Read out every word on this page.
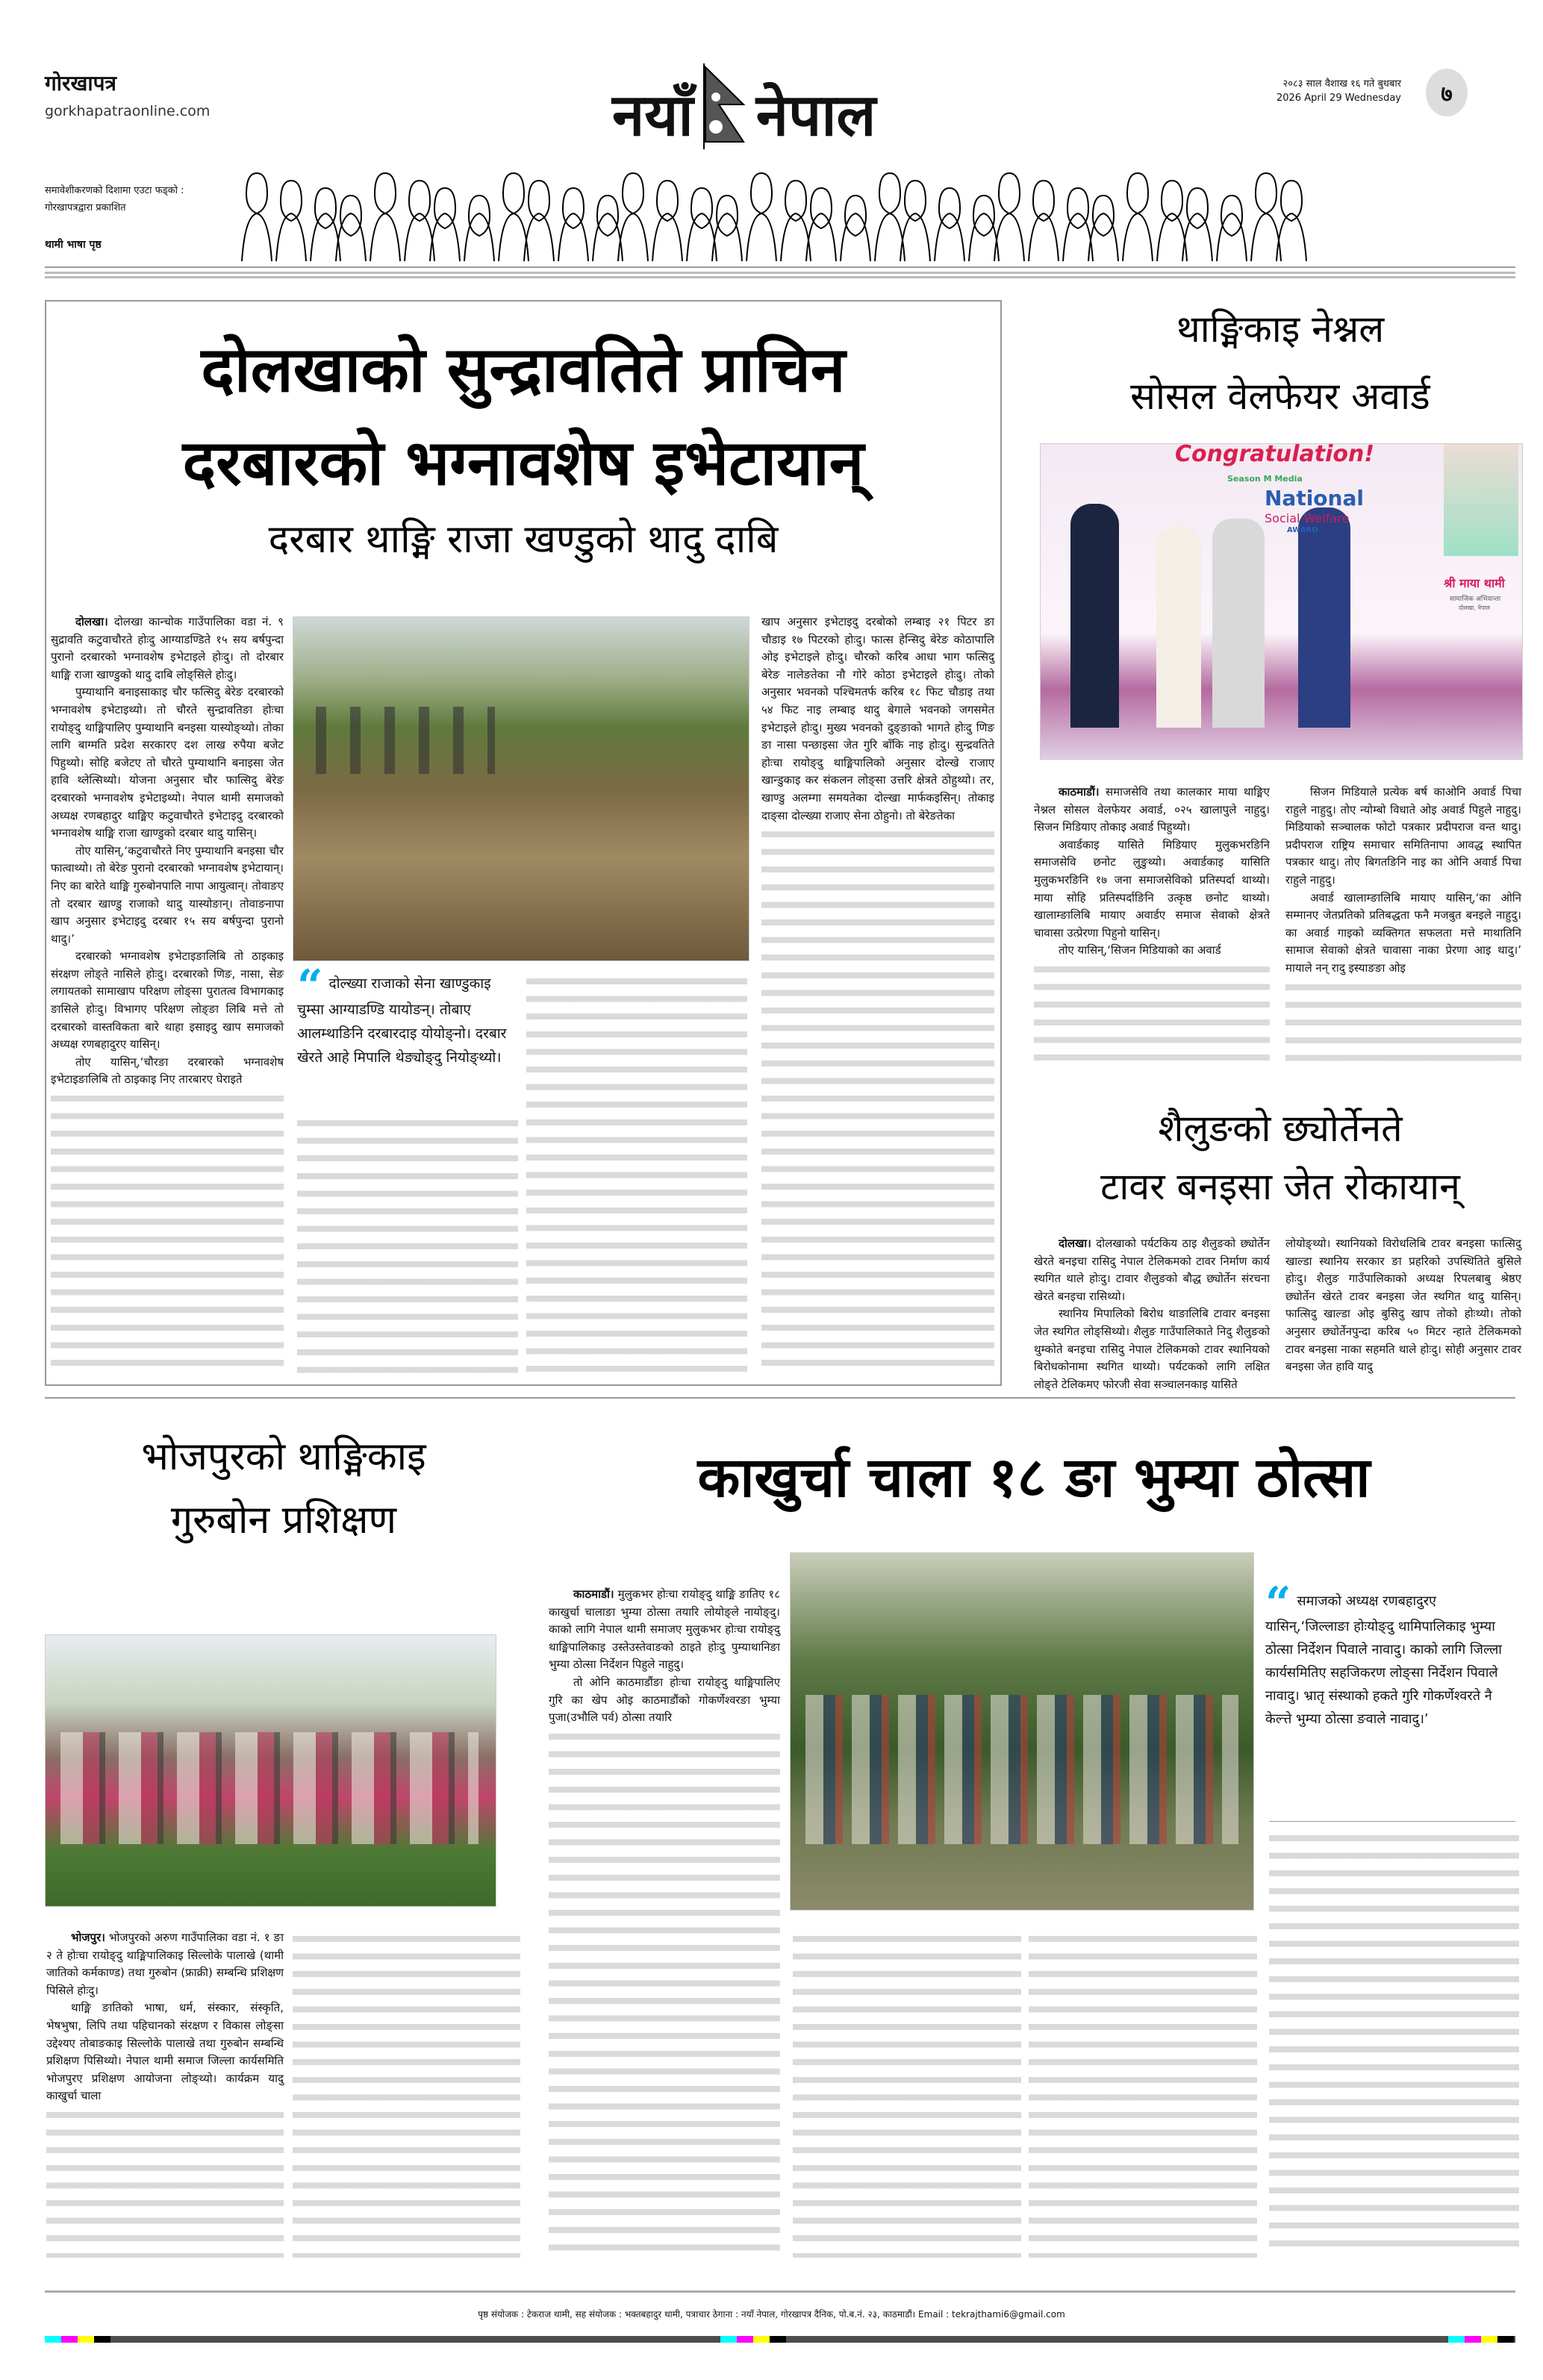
गोरखापत्र
gorkhapatraonline.com	नयाँ नेपाल	२०८३ साल वैशाख १६ गते बुधबार
2026 April 29 Wednesday ७
समावेशीकरणको दिशामा एउटा फड्को :
गोरखापत्रद्वारा प्रकाशित
थामी भाषा पृष्ठ
दोलखाको सुन्द्रावतिते प्राचिन
दरबारको भग्नावशेष इभेटायान्
दरबार थाङ्मि राजा खण्डुको थादु दाबि

दोलखा। दोलखा कान्चोक गाउँपालिका वडा नं. ९ सुद्रावति कटुवाचौरते होःदु आग्याडण्डिते १५ सय बर्षपुन्दा पुरानो दरबारको भग्नावशेष इभेटाइले होःदु। तो दोरबार थाङ्मि राजा खाण्डुको थादु दाबि लोङ्सिले होःदु।

पुम्याथानि बनाइसाकाइ चौर फत्सिदु बेरेङ दरबारको भग्नावशेष इभेटाइथ्यो। तो चौरते सुन्द्रावतिङा होःचा रायोङ्दु थाङ्मिपालिए पुम्याथानि बनइसा यास्योङ्थ्यो। तोका लागि बाग्मति प्रदेश सरकारए दश लाख रुपैया बजेट पिहुथ्यो। सोहि बजेटए तो चौरते पुम्याथानि बनाइसा जेत हावि थ्लेत्सिथ्यो। योजना अनुसार चौर फात्सिदु बेरेङ दरबारको भग्नावशेष इभेटाइथ्यो। नेपाल थामी समाजको अध्यक्ष रणबहादुर थाङ्मिए कटुवाचौरते इभेटाइदु दरबारको भग्नावशेष थाङ्मि राजा खाण्डुको दरबार थादु यासिन्।

तोए यासिन्,‘कटुवाचौरते निए पुम्याथानि बनइसा चौर फात्वाथ्यो। तो बेरेङ पुरानो दरबारको भग्नावशेष इभेटायान्। निए का बारेते थाङ्मि गुरुबोनपालि नापा आयुत्वान्। तोवाङए तो दरबार खाण्डु राजाको थादु यास्योङान्। तोवाङनापा खाप अनुसार इभेटाइदु दरबार १५ सय बर्षपुन्दा पुरानो थादु।’

दरबारको भग्नावशेष इभेटाइङालिबि तो ठाइकाइ संरक्षण लोङ्ते नासिले होःदु। दरबारको णिङ, नासा, सेङ लगायतको सामाखाप परिक्षण लोङ्सा पुरातत्व विभागकाइ ङासिले होःदु। विभागए परिक्षण लोङ्ङा लिबि मत्ते तो दरबारको वास्तविकता बारे थाहा इसाइदु खाप समाजको अध्यक्ष रणबहादुरए यासिन्।

तोए यासिन्,‘चौरङा दरबारको भग्नावशेष इभेटाइङालिबि तो ठाइकाइ निए तारबारए घेराइते

“ दोल्ख्या राजाको सेना खाण्डुकाइ चुम्सा आग्याडण्डि यायोङन्। तोबाए आलम्थाङिनि दरबारदाइ योयोङ्नो। दरबार खेरते आहे मिपालि थेङ्योङ्दु नियोङ्थ्यो।

खाप अनुसार इभेटाइदु दरबोको लम्बाइ २१ पिटर ङा चौडाइ १७ पिटरको होःदु। फात्स हेन्सिदु बेरेङ कोठापालि ओइ इभेटाइले होःदु। चौरको करिब आधा भाग फत्सिदु बेरेङ नालेङतेका नौ गोरे कोठा इभेटाइले होःदु। तोको अनुसार भवनको पश्चिमतर्फ करिब १८ फिट चौडाइ तथा ५४ फिट नाइ लम्बाइ थादु बेगाले भवनको जगसमेत इभेटाइले होःदु। मुख्य भवनको दुङ्ङाको भागते होःदु णिङ ङा नासा पन्छाइसा जेत गुरि बाँकि नाइ होःदु। सुन्द्रवतिते होःचा रायोङ्दु थाङ्मिपालिको अनुसार दोल्खे राजाए खान्डुकाइ कर संकलन लोङ्सा उत्तरि क्षेत्रते ठोहुथ्यो। तर, खाण्डु अलम्गा समयतेका दोल्खा मार्फकइसिन्। तोकाइ दाङ्सा दोल्ख्या राजाए सेना ठोहुनो। तो बेरेङतेका

थाङ्मिकाइ नेश्नल
सोसल वेलफेयर अवार्ड
Congratulation!
Season M Media
National
Social Welfare
AWARD
श्री माया थामी
सामाजिक अभियान्ता
दोलखा, नेपाल

काठमाडौं। समाजसेवि तथा कालकार माया थाङ्मिए नेश्नल सोसल वेलफेयर अवार्ड, ०२५ खालापुले नाहुदु। सिजन मिडियाए तोकाइ अवार्ड पिहुथ्यो।

अवार्डकाइ यासिते मिडियाए मुलुकभरङिनि समाजसेवि छनोट लुङुथ्यो। अवार्डकाइ यासिति मुलुकभरङिनि १७ जना समाजसेविको प्रतिस्पर्दा थाथ्यो। माया सोहि प्रतिस्पर्दाङिनि उत्कृष्ठ छनोट थाथ्यो। खालाम्ङालिबि मायाए अवार्डए समाज सेवाको क्षेत्रते चावासा उत्प्रेरणा पिहुनो यासिन्।

तोए यासिन्,‘सिजन मिडियाको का अवार्ड

सिजन मिडियाले प्रत्येक बर्ष काओनि अवार्ड पिचा राहुले नाहुदु। तोए न्योम्बो विधाते ओइ अवार्ड पिहुले नाहुदु। मिडियाको सञ्चालक फोटो पत्रकार प्रदीपराज वन्त थादु। प्रदीपराज राष्ट्रिय समाचार समितिनापा आवद्ध स्थापित पत्रकार थादु। तोए बिगतङिनि नाइ का ओनि अवार्ड पिचा राहुले नाहुदु।

अवार्ड खालाम्ङालिबि मायाए यासिन्,‘का ओनि सम्मानए जेतप्रतिको प्रतिबद्धता फनै मजबुत बनइले नाहुदु। का अवार्ड गाइको व्यक्तिगत सफलता मत्ते माथातिनि सामाज सेवाको क्षेत्रते चावासा नाका प्रेरणा आइ थादु।’ मायाले नन् रादु इस्याङङा ओइ

शैलुङको छ्योर्तेनते
टावर बनइसा जेत रोकायान्

दोलखा। दोलखाको पर्यटकिय ठाइ शैलुङको छ्योर्तेन खेरते बनइचा रासिदु नेपाल टेलिकमको टावर निर्माण कार्य स्थगित थाले होःदु। टावार शैलुङको बौद्ध छ्योर्तेन संरचना खेरते बनइचा रासिथ्यो।

स्थानिय मिपालिको बिरोध थाङालिबि टावार बनइसा जेत स्थगित लोङ्सिथ्यो। शैलुङ गाउँपालिकाते निदु शैलुङको थुम्कोते बनइचा रासिदु नेपाल टेलिकमको टावर स्थानियको बिरोधकोनामा स्थगित थाथ्यो। पर्यटकको लागि लक्षित लोङ्ते टेलिकमए फोरजी सेवा सञ्चालनकाइ यासिते

लोयोङ्थ्यो। स्थानियको विरोधलिबि टावर बनइसा फात्सिदु खाल्डा स्थानिय सरकार ङा प्रहरिको उपस्थितिते बुसिले होःदु। शैलुङ गाउँपालिकाको अध्यक्ष रिपलबाबु श्रेष्ठए छ्योर्तेन खेरते टावर बनइसा जेत स्थगित थादु यासिन्। फात्सिदु खाल्डा ओइ बुसिदु खाप तोको होःथ्यो। तोको अनुसार छ्योर्तेनपुन्दा करिब ५० मिटर न्हाते टेलिकमको टावर बनइसा नाका सहमति थाले होःदु। सोही अनुसार टावर बनइसा जेत हावि यादु

भोजपुरको थाङ्मिकाइ
गुरुबोन प्रशिक्षण

भोजपुर। भोजपुरको अरुण गाउँपालिका वडा नं. १ ङा २ ते होःचा रायोङ्दु थाङ्मिपालिकाइ सिल्लोके पालाखे (थामी जातिको कर्मकाण्ड) तथा गुरुबोन (फ्राक्री) सम्बन्धि प्रशिक्षण पिसिले होःदु।

थाङ्मि ङातिको भाषा, धर्म, संस्कार, संस्कृति, भेषभुषा, लिपि तथा पहिचानको संरक्षण र विकास लोङ्सा उद्देश्यए तोबाङकाइ सिल्लोके पालाखे तथा गुरुबोन सम्बन्धि प्रशिक्षण पिसिथ्यो। नेपाल थामी समाज जिल्ला कार्यसमिति भोजपुरए प्रशिक्षण आयोजना लोङ्थ्यो। कार्यक्रम यादु काखुर्चा चाला

काखुर्चा चाला १८ ङा भुम्या ठोत्सा

काठमाडौं। मुलुकभर होःचा रायोङ्दु थाङ्मि ङातिए १८ काखुर्चा चालाङा भुम्या ठोत्सा तयारि लोयोङ्ले नायोङ्दु। काको लागि नेपाल थामी समाजए मुलुकभर होःचा रायोङ्दु थाङ्मिपालिकाइ उस्तेउस्तेवाङको ठाइते होःदु पुम्याथानिङा भुम्या ठोत्सा निर्देशन पिहुले नाहुदु।

तो ओनि काठमाडौंङा होःचा रायोङ्दु थाङ्मिपालिए गुरि का खेप ओइ काठमाडौंको गोकर्णेश्वरङा भुम्या पुजा(उभौलि पर्व) ठोत्सा तयारि

“ समाजको अध्यक्ष रणबहादुरए यासिन्,‘जिल्लाङा होःयोङ्दु थामिपालिकाइ भुम्या ठोत्सा निर्देशन पिवाले नावादु। काको लागि जिल्ला कार्यसमितिए सहजिकरण लोङ्सा निर्देशन पिवाले नावादु। भ्रातृ संस्थाको हकते गुरि गोकर्णेश्वरते नै केल्त्ते भुम्या ठोत्सा ङवाले नावादु।’
पृष्ठ संयोजक : टेकराज थामी, सह संयोजक : भक्तबहादुर थामी, पत्राचार ठेगाना : नयाँ नेपाल, गोरखापत्र दैनिक, पो.ब.नं. २३, काठमाडौं। Email : tekrajthami6@gmail.com
